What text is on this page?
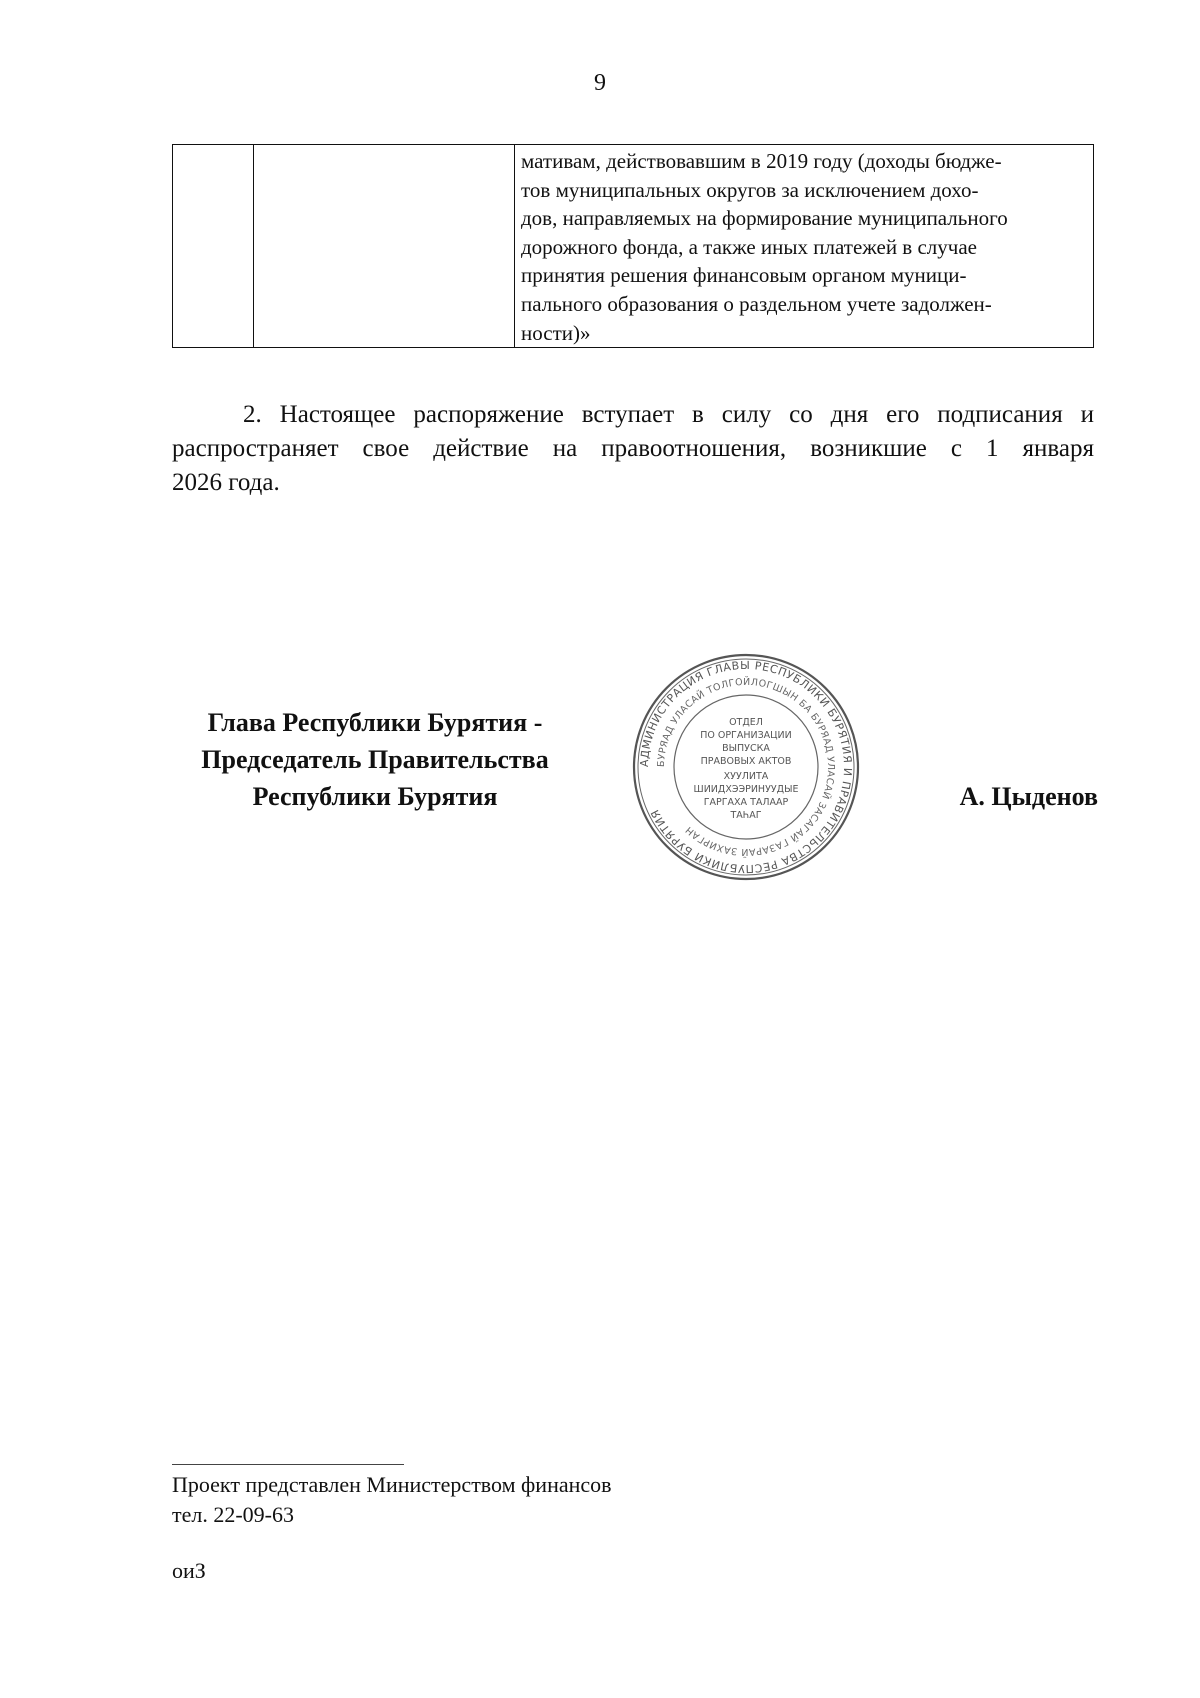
9

мативам, действовавшим в 2019 году (доходы бюдже-
тов муниципальных округов за исключением дохо-
дов, направляемых на формирование муниципального
дорожного фонда, а также иных платежей в случае
принятия решения финансовым органом муници-
пального образования о раздельном учете задолжен-
ности)»
2. Настоящее распоряжение вступает в силу со дня его подписания и
распространяет свое действие на правоотношения, возникшие с 1 января
2026 года.
Глава Республики Бурятия -
Председатель Правительства
Республики Бурятия
АДМИНИСТРАЦИЯ ГЛАВЫ РЕСПУБЛИКИ БУРЯТИЯ И ПРАВИТЕЛЬСТВА РЕСПУБЛИКИ БУРЯТИЯ
БУРЯАД УЛАСАЙ ТОЛГОЙЛОГШЫН БА БУРЯАД УЛАСАЙ ЗАСАГАЙ ГАЗАРАЙ ЗАХИРГАН
ОТДЕЛ
ПО ОРГАНИЗАЦИИ
ВЫПУСКА
ПРАВОВЫХ АКТОВ
ХУУЛИТА
ШИИДХЭЭРИНУУДЫЕ
ГАРГАХА ТАЛААР
ТАҺАГ
А. Цыденов
Проект представлен Министерством финансов
тел. 22-09-63
оиЗ
